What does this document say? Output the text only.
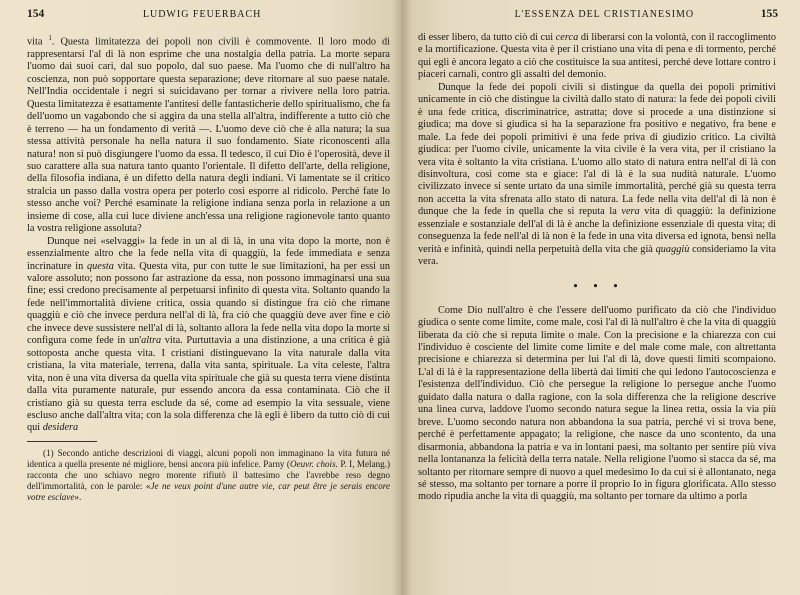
154	LUDWIG FEUERBACH

vita $^1$. Questa limitatezza dei popoli non civili è commovente. Il loro modo di rappresentarsi l'al di là non esprime che una nostalgia della patria. La morte separa l'uomo dai suoi cari, dal suo popolo, dal suo paese. Ma l'uomo che di null'altro ha coscienza, non può sopportare questa separazione; deve ritornare al suo paese natale. Nell'India occidentale i negri si suicidavano per tornar a rivivere nella loro patria. Questa limitatezza è esattamente l'antitesi delle fantasticherie dello spiritualismo, che fa dell'uomo un vagabondo che si aggira da una stella all'altra, indifferente a tutto ciò che è terreno — ha un fondamento di verità —. L'uomo deve ciò che è alla natura; la sua stessa attività personale ha nella natura il suo fondamento. Siate riconoscenti alla natura! non si può disgiungere l'uomo da essa. Il tedesco, il cui Dio è l'operosità, deve il suo carattere alla sua natura tanto quanto l'orientale. Il difetto dell'arte, della religione, della filosofia indiana, è un difetto della natura degli indiani. Vi lamentate se il critico stralcia un passo dalla vostra opera per poterlo così esporre al ridicolo. Perché fate lo stesso anche voi? Perché esaminate la religione indiana senza porla in relazione a un insieme di cose, alla cui luce diviene anch'essa una religione ragionevole tanto quanto la vostra religione assoluta?

Dunque nei «selvaggi» la fede in un al di là, in una vita dopo la morte, non è essenzialmente altro che la fede nella vita di quaggiù, la fede immediata e senza incrinature in questa vita. Questa vita, pur con tutte le sue limitazioni, ha per essi un valore assoluto; non possono far astrazione da essa, non possono immaginarsi una sua fine; essi credono precisamente al perpetuarsi infinito di questa vita. Soltanto quando la fede nell'immortalità diviene critica, ossia quando si distingue fra ciò che rimane quaggiù e ciò che invece perdura nell'al di là, fra ciò che quaggiù deve aver fine e ciò che invece deve sussistere nell'al di là, soltanto allora la fede nella vita dopo la morte si configura come fede in un'altra vita. Purtuttavia a una distinzione, a una critica è già sottoposta anche questa vita. I cristiani distinguevano la vita naturale dalla vita cristiana, la vita materiale, terrena, dalla vita santa, spirituale. La vita celeste, l'altra vita, non è una vita diversa da quella vita spirituale che già su questa terra viene distinta dalla vita puramente naturale, pur essendo ancora da essa contaminata. Ciò che il cristiano già su questa terra esclude da sé, come ad esempio la vita sessuale, viene escluso anche dall'altra vita; con la sola differenza che là egli è libero da tutto ciò di cui qui desidera

(1) Secondo antiche descrizioni di viaggi, alcuni popoli non immaginano la vita futura né identica a quella presente né migliore, bensì ancora più infelice. Parny (Oeuvr. chois. P. I, Melang.) racconta che uno schiavo negro morente rifiutò il battesimo che l'avrebbe reso degno dell'immortalità, con le parole: «Je ne veux point d'une autre vie, car peut être je serais encore votre esclave».

L'ESSENZA DEL CRISTIANESIMO	155

di esser libero, da tutto ciò di cui cerca di liberarsi con la volontà, con il raccoglimento e la mortificazione. Questa vita è per il cristiano una vita di pena e di tormento, perché qui egli è ancora legato a ciò che costituisce la sua antitesi, perché deve lottare contro i piaceri carnali, contro gli assalti del demonio.

Dunque la fede dei popoli civili si distingue da quella dei popoli primitivi unicamente in ciò che distingue la civiltà dallo stato di natura: la fede dei popoli civili è una fede critica, discriminatrice, astratta; dove si procede a una distinzione si giudica; ma dove si giudica si ha la separazione fra positivo e negativo, fra bene e male. La fede dei popoli primitivi è una fede priva di giudizio critico. La civiltà giudica: per l'uomo civile, unicamente la vita civile è la vera vita, per il cristiano la vera vita è soltanto la vita cristiana. L'uomo allo stato di natura entra nell'al di là con disinvoltura, così come sta e giace: l'al di là è la sua nudità naturale. L'uomo civilizzato invece si sente urtato da una simile immortalità, perché già su questa terra non accetta la vita sfrenata allo stato di natura. La fede nella vita dell'al di là non è dunque che la fede in quella che si reputa la vera vita di quaggiù: la definizione essenziale e sostanziale dell'al di là è anche la definizione essenziale di questa vita; di conseguenza la fede nell'al di là non è la fede in una vita diversa ed ignota, bensì nella verità e infinità, quindi nella perpetuità della vita che già quaggiù consideriamo la vita vera.

• • •

Come Dio null'altro è che l'essere dell'uomo purificato da ciò che l'individuo giudica o sente come limite, come male, così l'al di là null'altro è che la vita di quaggiù liberata da ciò che si reputa limite o male. Con la precisione e la chiarezza con cui l'individuo è cosciente del limite come limite e del male come male, con altrettanta precisione e chiarezza si determina per lui l'al di là, dove questi limiti scompaiono. L'al di là è la rappresentazione della libertà dai limiti che qui ledono l'autocoscienza e l'esistenza dell'individuo. Ciò che persegue la religione lo persegue anche l'uomo guidato dalla natura o dalla ragione, con la sola differenza che la religione descrive una linea curva, laddove l'uomo secondo natura segue la linea retta, ossia la via più breve. L'uomo secondo natura non abbandona la sua patria, perché vi si trova bene, perché è perfettamente appagato; la religione, che nasce da uno scontento, da una disarmonia, abbandona la patria e va in lontani paesi, ma soltanto per sentire più viva nella lontananza la felicità della terra natale. Nella religione l'uomo si stacca da sé, ma soltanto per ritornare sempre di nuovo a quel medesimo Io da cui si è allontanato, nega sé stesso, ma soltanto per tornare a porre il proprio Io in figura glorificata. Allo stesso modo ripudia anche la vita di quaggiù, ma soltanto per tornare da ultimo a porla
